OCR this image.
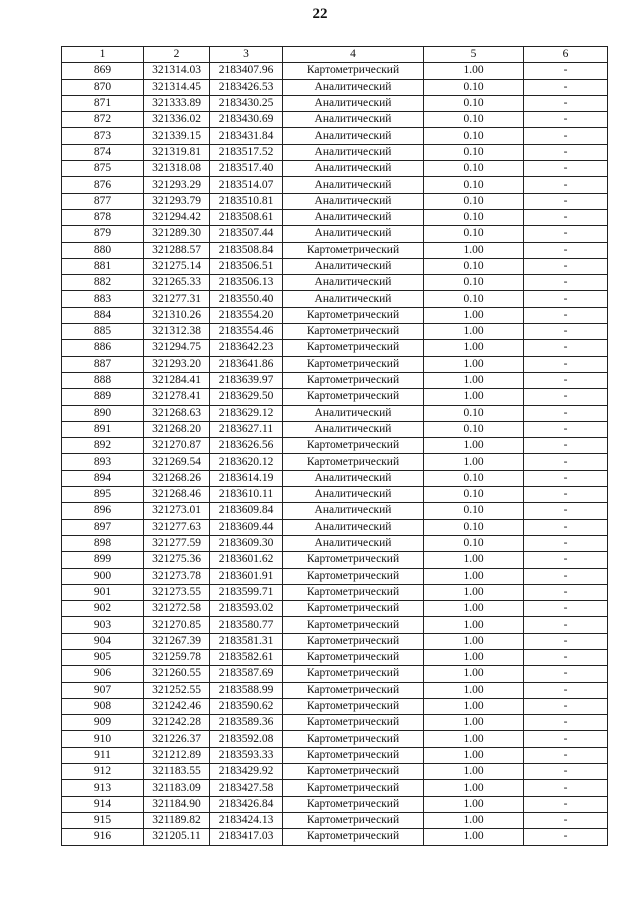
22
1	2	3	4	5	6
869	321314.03	2183407.96	Картометрический	1.00	-
870	321314.45	2183426.53	Аналитический	0.10	-
871	321333.89	2183430.25	Аналитический	0.10	-
872	321336.02	2183430.69	Аналитический	0.10	-
873	321339.15	2183431.84	Аналитический	0.10	-
874	321319.81	2183517.52	Аналитический	0.10	-
875	321318.08	2183517.40	Аналитический	0.10	-
876	321293.29	2183514.07	Аналитический	0.10	-
877	321293.79	2183510.81	Аналитический	0.10	-
878	321294.42	2183508.61	Аналитический	0.10	-
879	321289.30	2183507.44	Аналитический	0.10	-
880	321288.57	2183508.84	Картометрический	1.00	-
881	321275.14	2183506.51	Аналитический	0.10	-
882	321265.33	2183506.13	Аналитический	0.10	-
883	321277.31	2183550.40	Аналитический	0.10	-
884	321310.26	2183554.20	Картометрический	1.00	-
885	321312.38	2183554.46	Картометрический	1.00	-
886	321294.75	2183642.23	Картометрический	1.00	-
887	321293.20	2183641.86	Картометрический	1.00	-
888	321284.41	2183639.97	Картометрический	1.00	-
889	321278.41	2183629.50	Картометрический	1.00	-
890	321268.63	2183629.12	Аналитический	0.10	-
891	321268.20	2183627.11	Аналитический	0.10	-
892	321270.87	2183626.56	Картометрический	1.00	-
893	321269.54	2183620.12	Картометрический	1.00	-
894	321268.26	2183614.19	Аналитический	0.10	-
895	321268.46	2183610.11	Аналитический	0.10	-
896	321273.01	2183609.84	Аналитический	0.10	-
897	321277.63	2183609.44	Аналитический	0.10	-
898	321277.59	2183609.30	Аналитический	0.10	-
899	321275.36	2183601.62	Картометрический	1.00	-
900	321273.78	2183601.91	Картометрический	1.00	-
901	321273.55	2183599.71	Картометрический	1.00	-
902	321272.58	2183593.02	Картометрический	1.00	-
903	321270.85	2183580.77	Картометрический	1.00	-
904	321267.39	2183581.31	Картометрический	1.00	-
905	321259.78	2183582.61	Картометрический	1.00	-
906	321260.55	2183587.69	Картометрический	1.00	-
907	321252.55	2183588.99	Картометрический	1.00	-
908	321242.46	2183590.62	Картометрический	1.00	-
909	321242.28	2183589.36	Картометрический	1.00	-
910	321226.37	2183592.08	Картометрический	1.00	-
911	321212.89	2183593.33	Картометрический	1.00	-
912	321183.55	2183429.92	Картометрический	1.00	-
913	321183.09	2183427.58	Картометрический	1.00	-
914	321184.90	2183426.84	Картометрический	1.00	-
915	321189.82	2183424.13	Картометрический	1.00	-
916	321205.11	2183417.03	Картометрический	1.00	-
